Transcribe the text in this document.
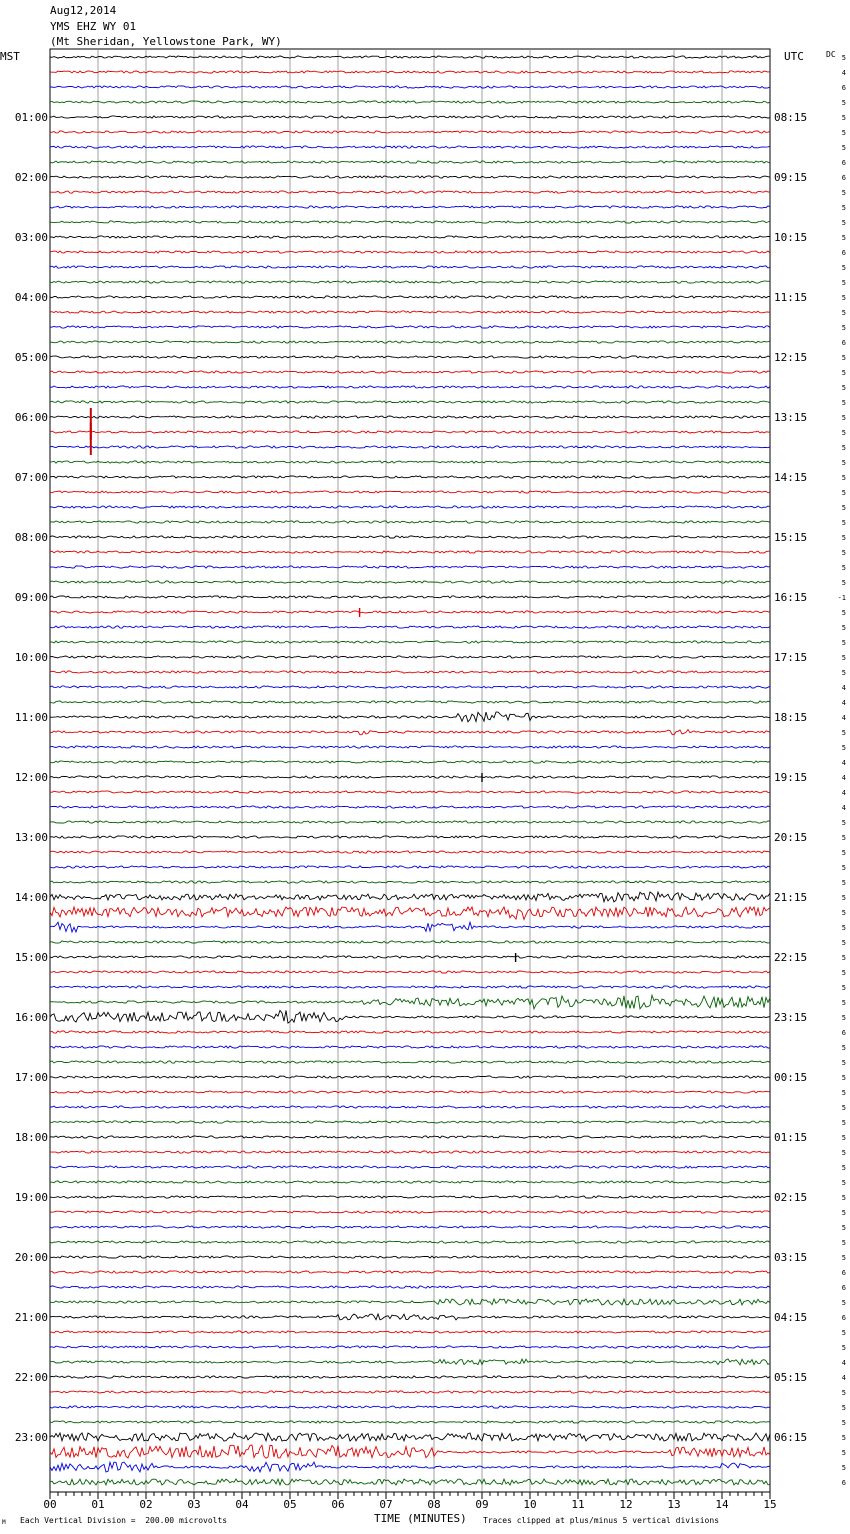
Aug12,2014
YMS EHZ WY 01
(Mt Sheridan, Yellowstone Park, WY)
MST	UTC	DC
01:00
02:00
03:00
04:00
05:00
06:00
07:00
08:00
09:00
10:00
11:00
12:00
13:00
14:00
15:00
16:00
17:00
18:00
19:00
20:00
21:00
22:00
23:00
08:15
09:15
10:15
11:15
12:15
13:15
14:15
15:15
16:15
17:15
18:15
19:15
20:15
21:15
22:15
23:15
00:15
01:15
02:15
03:15
04:15
05:15
06:15
5
4
6
5
5
5
5
6
6
5
5
5
5
6
5
5
5
5
5
6
5
5
5
5
5
5
5
5
5
5
5
5
5
5
5
5
-1
5
5
5
5
5
4
4
4
5
5
4
4
4
4
5
5
5
5
5
5
5
5
5
5
5
5
5
5
6
5
5
5
5
5
5
5
5
5
5
5
5
5
5
5
6
6
5
6
5
5
4
4
5
5
5
5
5
5
6
00	01	02	03	04	05	06	07	08	09	10	11	12	13	14	15
M Each Vertical Division =  200.00 microvolts	TIME (MINUTES) Traces clipped at plus/minus 5 vertical divisions
